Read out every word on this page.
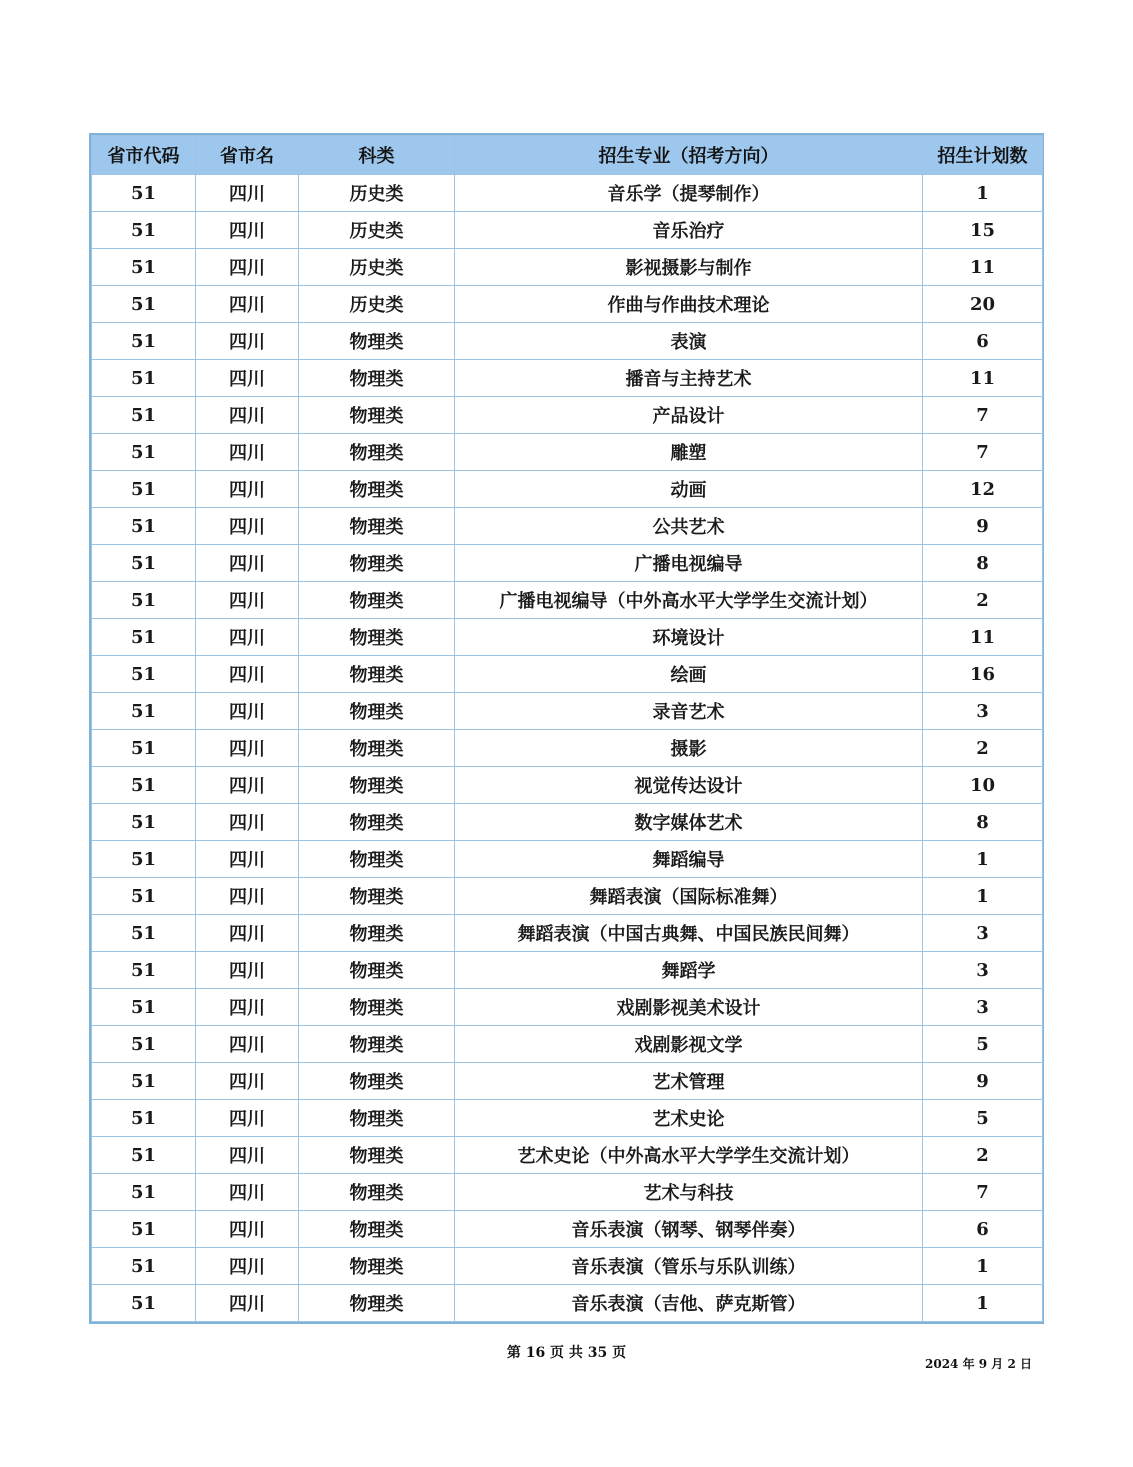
省市代码	省市名	科类	招生专业（招考方向）	招生计划数
51	四川	历史类	音乐学（提琴制作）	1
51	四川	历史类	音乐治疗	15
51	四川	历史类	影视摄影与制作	11
51	四川	历史类	作曲与作曲技术理论	20
51	四川	物理类	表演	6
51	四川	物理类	播音与主持艺术	11
51	四川	物理类	产品设计	7
51	四川	物理类	雕塑	7
51	四川	物理类	动画	12
51	四川	物理类	公共艺术	9
51	四川	物理类	广播电视编导	8
51	四川	物理类	广播电视编导（中外高水平大学学生交流计划）	2
51	四川	物理类	环境设计	11
51	四川	物理类	绘画	16
51	四川	物理类	录音艺术	3
51	四川	物理类	摄影	2
51	四川	物理类	视觉传达设计	10
51	四川	物理类	数字媒体艺术	8
51	四川	物理类	舞蹈编导	1
51	四川	物理类	舞蹈表演（国际标准舞）	1
51	四川	物理类	舞蹈表演（中国古典舞、中国民族民间舞）	3
51	四川	物理类	舞蹈学	3
51	四川	物理类	戏剧影视美术设计	3
51	四川	物理类	戏剧影视文学	5
51	四川	物理类	艺术管理	9
51	四川	物理类	艺术史论	5
51	四川	物理类	艺术史论（中外高水平大学学生交流计划）	2
51	四川	物理类	艺术与科技	7
51	四川	物理类	音乐表演（钢琴、钢琴伴奏）	6
51	四川	物理类	音乐表演（管乐与乐队训练）	1
51	四川	物理类	音乐表演（吉他、萨克斯管）	1
第 16 页 共 35 页
2024 年 9 月 2 日
